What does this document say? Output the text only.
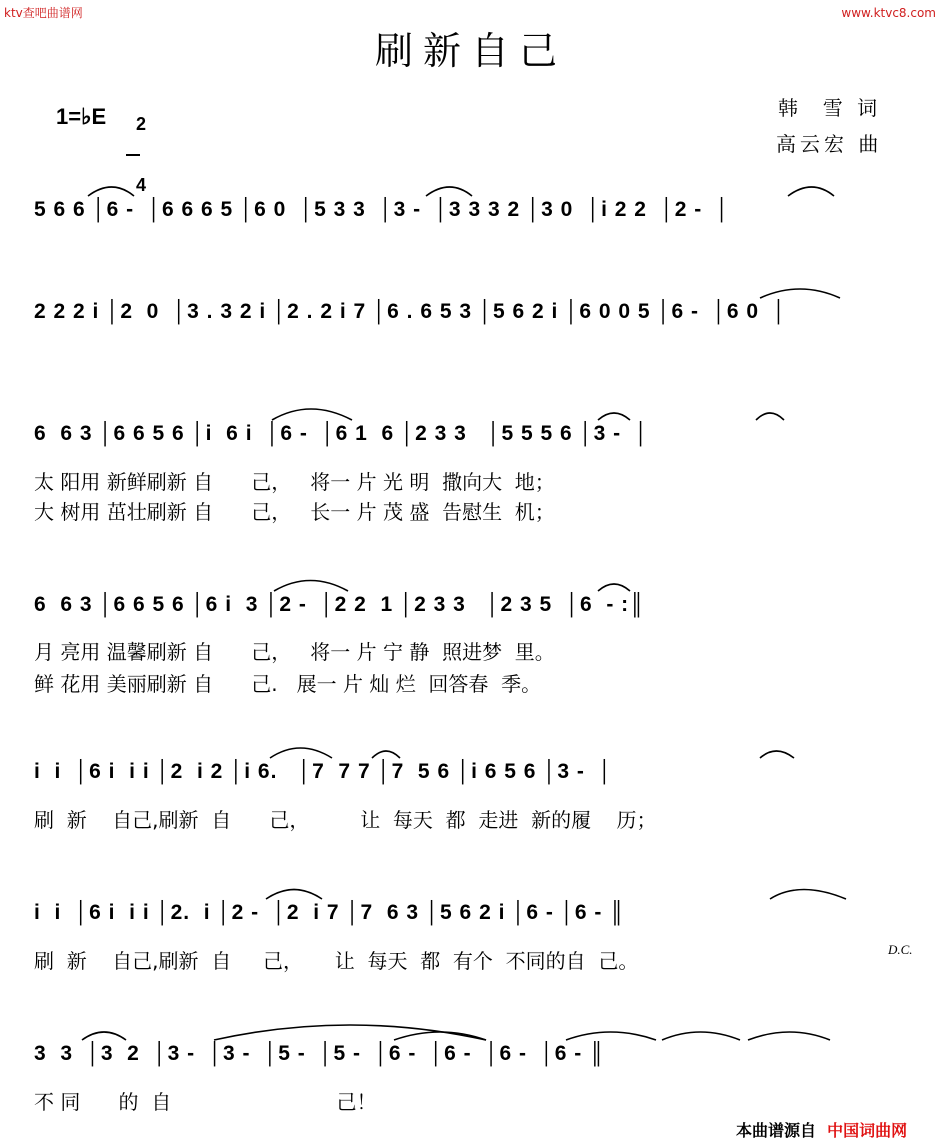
ktv查吧曲谱网	www.ktvc8.com
刷新自己
韩  雪 词
高云宏 曲
1=♭E	2

4

5 6 6 │6 -  │6 6 6 5 │6 0  │5 3 3  │3 -  │3 3 3 2 │3 0  │i 2 2  │2 -  │
2 2 2 i │2  0  │3 . 3 2 i │2 . 2 i 7 │6 . 6 5 3 │5 6 2 i │6 0 0 5 │6 -  │6 0  │
6  6 3 │6 6 5 6 │i  6 i  │6 -  │6 1  6 │2 3 3   │5 5 5 6 │3 -  │
太 阳用 新鲜刷新 自      己，   将一 片 光 明  撒向大  地；
大 树用 茁壮刷新 自      己，   长一 片 茂 盛  告慰生  机；
6  6 3 │6 6 5 6 │6 i  3 │2 -  │2 2  1 │2 3 3   │2 3 5  │6  - :║
月 亮用 温馨刷新 自      己，   将一 片 宁 静  照进梦  里。
鲜 花用 美丽刷新 自      己.   展一 片 灿 烂  回答春  季。
i  i  │6 i  i i │2  i 2 │i 6.   │7  7 7 │7  5 6 │i 6 5 6 │3 -  │
刷  新    自己,刷新  自      己，        让  每天  都  走进  新的履    历；
i  i  │6 i  i i │2.  i │2 -  │2  i 7 │7  6 3 │5 6 2 i │6 - │6 - ║
刷  新    自己,刷新  自     己，     让  每天  都  有个  不同的自  己。	D.C.
3  3  │3  2  │3 -  │3 -  │5 -  │5 -  │6 -  │6 -  │6 -  │6 - ║
不 同      的  自                          己！
本曲谱源自 中国词曲网
